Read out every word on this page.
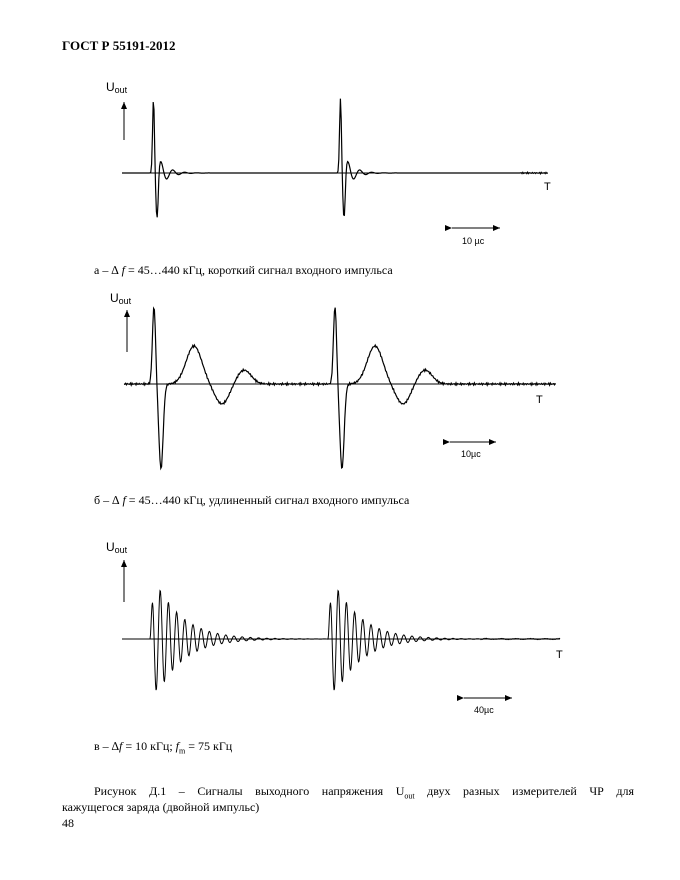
ГОСТ Р 55191-2012
Uout
T
10 µc
Uout
T
10µc
Uout
T
40µc
а – ∆ f = 45…440 кГц, короткий сигнал входного импульса
б – ∆ f = 45…440 кГц, удлиненный сигнал входного импульса
в – ∆f = 10 кГц; $f_m = 75$ кГц
Рисунок Д.1 – Сигналы выходного напряжения $U_{out}$ двух разных измерителей ЧР для
кажущегося заряда (двойной импульс)
48
